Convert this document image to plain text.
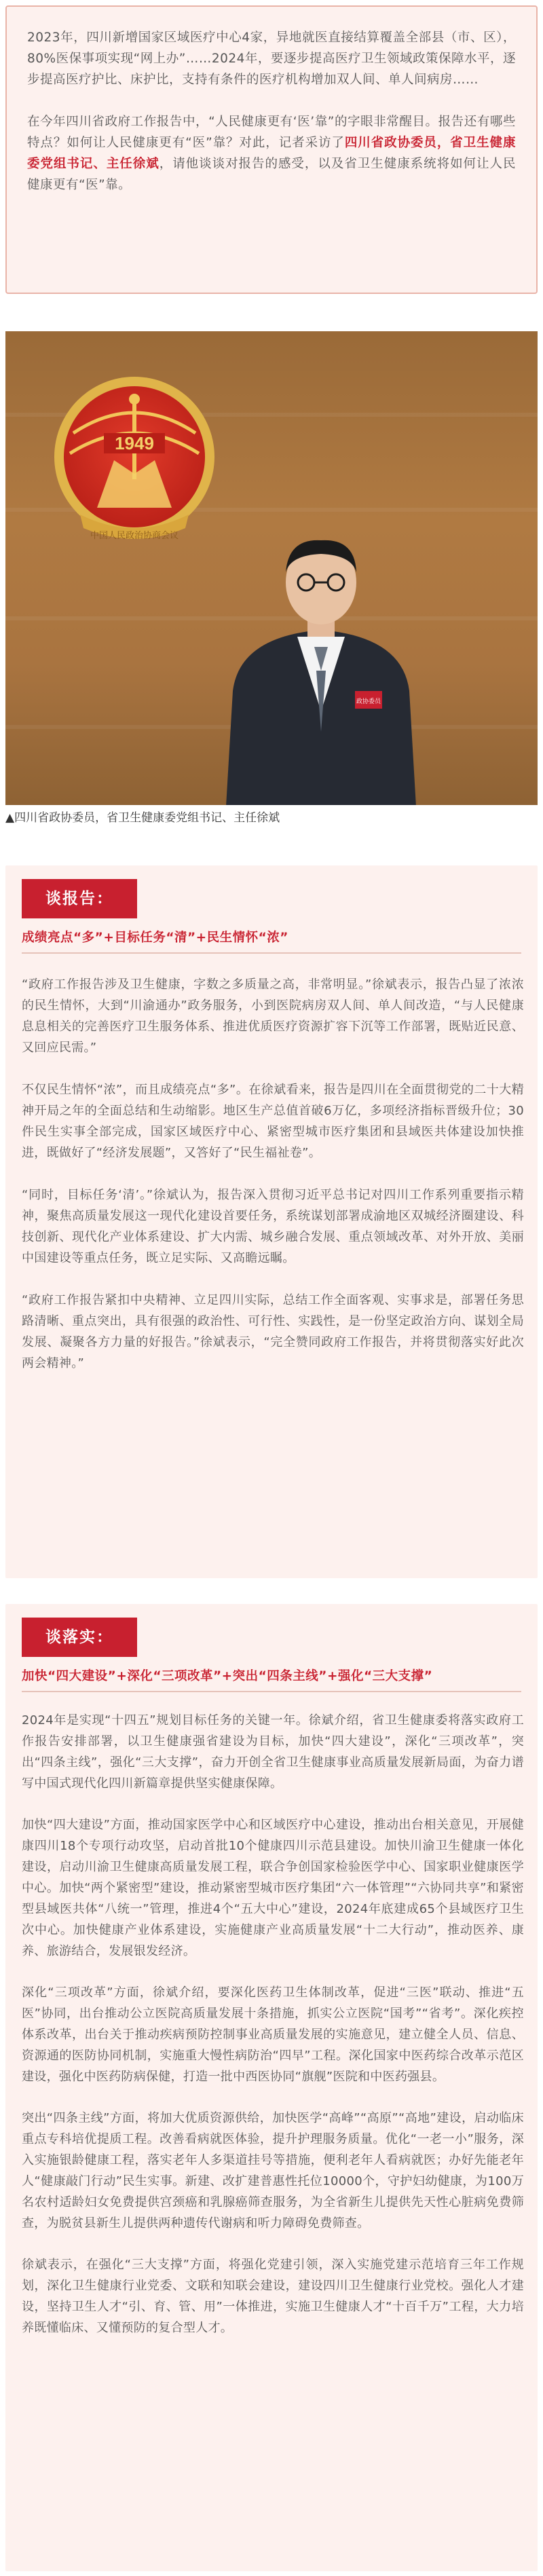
2023年，四川新增国家区域医疗中心4家，异地就医直接结算覆盖全部县（市、区），80%医保事项实现“网上办”……2024年，要逐步提高医疗卫生领域政策保障水平，逐步提高医疗护比、床护比，支持有条件的医疗机构增加双人间、单人间病房……

在今年四川省政府工作报告中，“人民健康更有‘医’靠”的字眼非常醒目。报告还有哪些特点？如何让人民健康更有“医”靠？对此，记者采访了四川省政协委员，省卫生健康委党组书记、主任徐斌，请他谈谈对报告的感受，以及省卫生健康系统将如何让人民健康更有“医”靠。

1949
中国人民政治协商会议
政协委员
▲四川省政协委员，省卫生健康委党组书记、主任徐斌
谈报告：
成绩亮点“多”+目标任务“清”+民生情怀“浓”

“政府工作报告涉及卫生健康，字数之多质量之高，非常明显。”徐斌表示，报告凸显了浓浓的民生情怀，大到“川渝通办”政务服务，小到医院病房双人间、单人间改造，“与人民健康息息相关的完善医疗卫生服务体系、推进优质医疗资源扩容下沉等工作部署，既贴近民意、又回应民需。”

不仅民生情怀“浓”，而且成绩亮点“多”。在徐斌看来，报告是四川在全面贯彻党的二十大精神开局之年的全面总结和生动缩影。地区生产总值首破6万亿，多项经济指标晋级升位；30件民生实事全部完成，国家区域医疗中心、紧密型城市医疗集团和县域医共体建设加快推进，既做好了“经济发展题”，又答好了“民生福祉卷”。

“同时，目标任务‘清’。”徐斌认为，报告深入贯彻习近平总书记对四川工作系列重要指示精神，聚焦高质量发展这一现代化建设首要任务，系统谋划部署成渝地区双城经济圈建设、科技创新、现代化产业体系建设、扩大内需、城乡融合发展、重点领域改革、对外开放、美丽中国建设等重点任务，既立足实际、又高瞻远瞩。

“政府工作报告紧扣中央精神、立足四川实际，总结工作全面客观、实事求是，部署任务思路清晰、重点突出，具有很强的政治性、可行性、实践性，是一份坚定政治方向、谋划全局发展、凝聚各方力量的好报告。”徐斌表示，“完全赞同政府工作报告，并将贯彻落实好此次两会精神。”

谈落实：
加快“四大建设”+深化“三项改革”+突出“四条主线”+强化“三大支撑”

2024年是实现“十四五”规划目标任务的关键一年。徐斌介绍，省卫生健康委将落实政府工作报告安排部署，以卫生健康强省建设为目标，加快“四大建设”，深化“三项改革”，突出“四条主线”，强化“三大支撑”，奋力开创全省卫生健康事业高质量发展新局面，为奋力谱写中国式现代化四川新篇章提供坚实健康保障。

加快“四大建设”方面，推动国家医学中心和区域医疗中心建设，推动出台相关意见，开展健康四川18个专项行动攻坚，启动首批10个健康四川示范县建设。加快川渝卫生健康一体化建设，启动川渝卫生健康高质量发展工程，联合争创国家检验医学中心、国家职业健康医学中心。加快“两个紧密型”建设，推动紧密型城市医疗集团“六一体管理”“六协同共享”和紧密型县域医共体“八统一”管理，推进4个“五大中心”建设，2024年底建成65个县域医疗卫生次中心。加快健康产业体系建设，实施健康产业高质量发展“十二大行动”，推动医养、康养、旅游结合，发展银发经济。

深化“三项改革”方面，徐斌介绍，要深化医药卫生体制改革，促进“三医”联动、推进“五医”协同，出台推动公立医院高质量发展十条措施，抓实公立医院“国考”“省考”。深化疾控体系改革，出台关于推动疾病预防控制事业高质量发展的实施意见，建立健全人员、信息、资源通的医防协同机制，实施重大慢性病防治“四早”工程。深化国家中医药综合改革示范区建设，强化中医药防病保健，打造一批中西医协同“旗舰”医院和中医药强县。

突出“四条主线”方面，将加大优质资源供给，加快医学“高峰”“高原”“高地”建设，启动临床重点专科培优提质工程。改善看病就医体验，提升护理服务质量。优化“一老一小”服务，深入实施银龄健康工程，落实老年人多渠道挂号等措施，便利老年人看病就医；办好先能老年人“健康敲门行动”民生实事。新建、改扩建普惠性托位10000个，守护妇幼健康，为100万名农村适龄妇女免费提供宫颈癌和乳腺癌筛查服务，为全省新生儿提供先天性心脏病免费筛查，为脱贫县新生儿提供两种遗传代谢病和听力障碍免费筛查。

徐斌表示，在强化“三大支撑”方面，将强化党建引领，深入实施党建示范培育三年工作规划，深化卫生健康行业党委、文联和知联会建设，建设四川卫生健康行业党校。强化人才建设，坚持卫生人才“引、育、管、用”一体推进，实施卫生健康人才“十百千万”工程，大力培养既懂临床、又懂预防的复合型人才。
